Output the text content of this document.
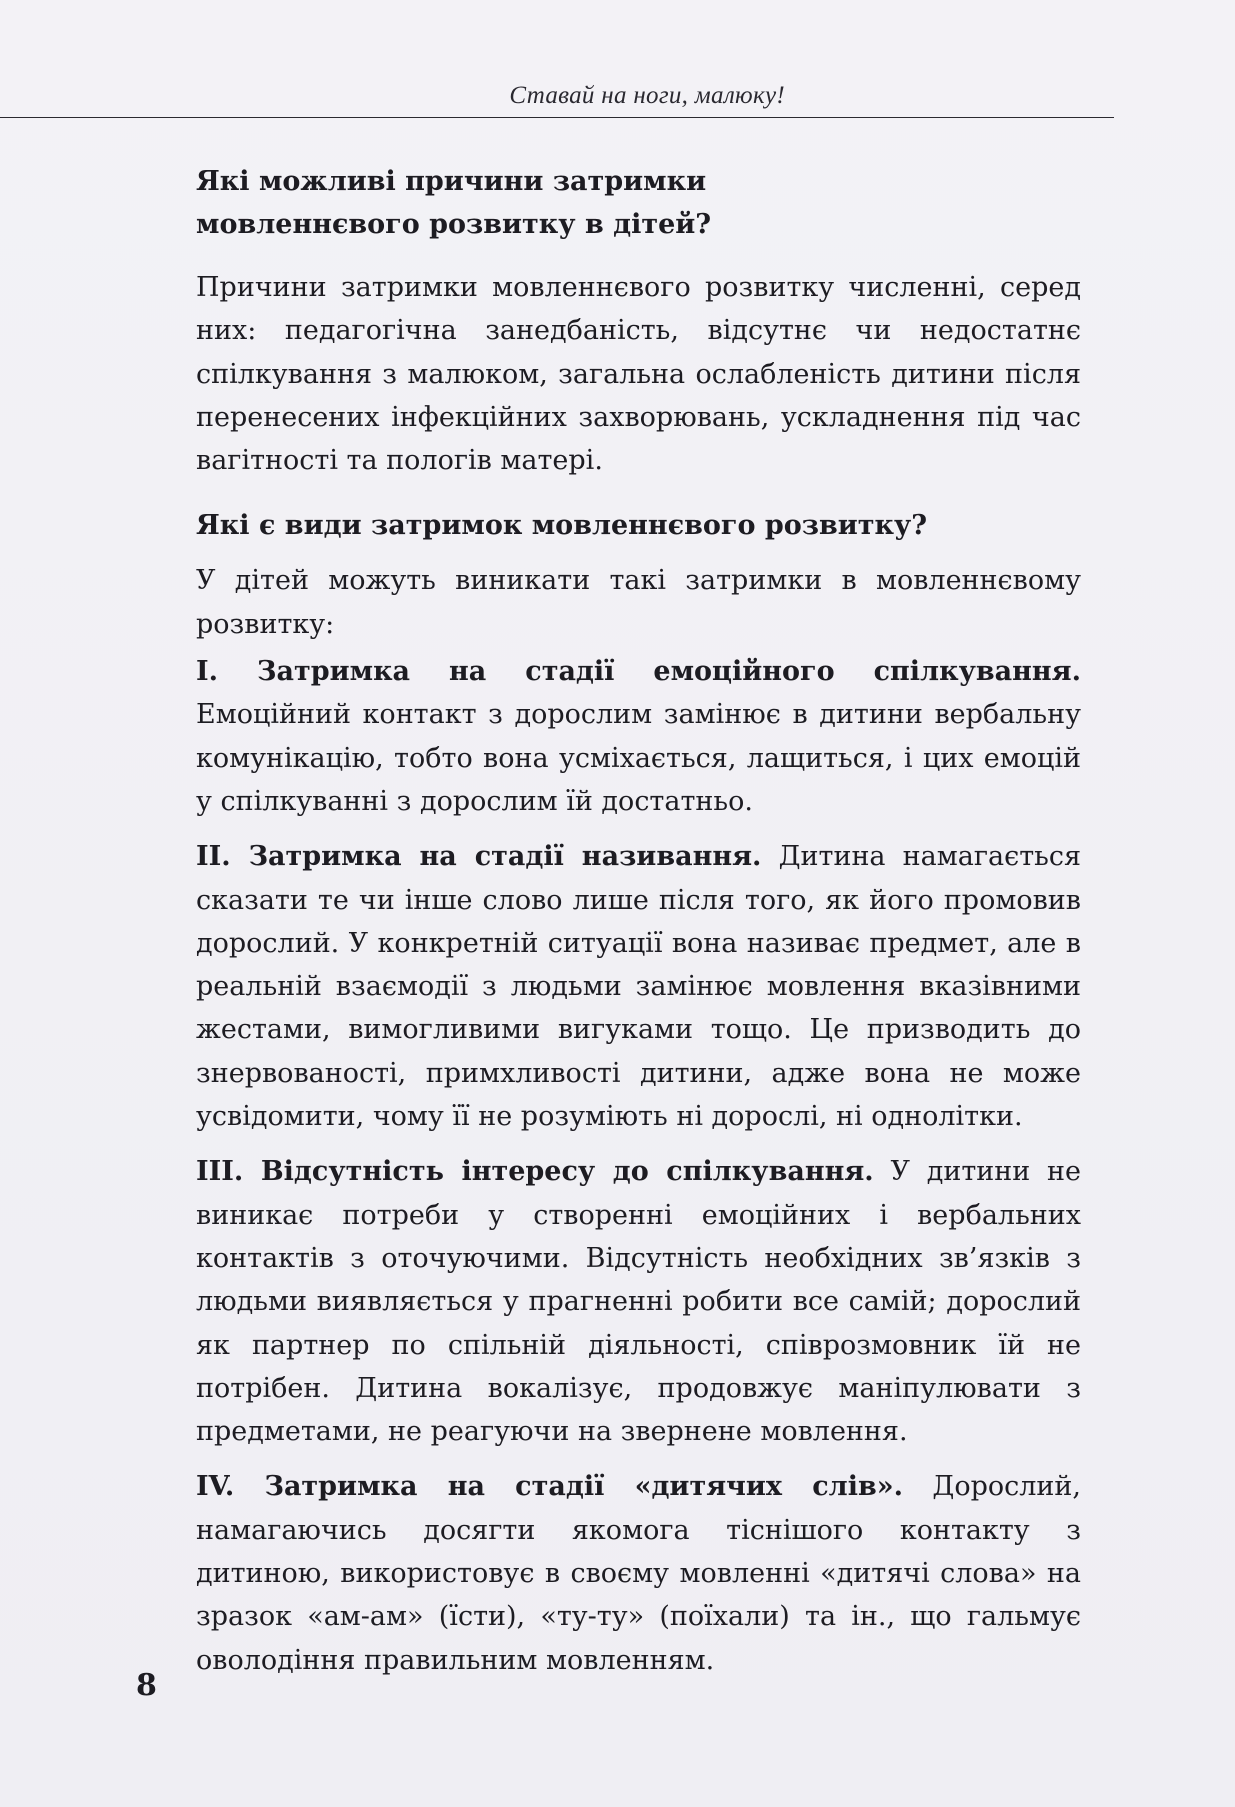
Ставай на ноги, малюку!

Які можливі причини затримки мовленнєвого розвитку в дітей?

Причини затримки мовленнєвого розвитку численні, серед них: педагогічна занедбаність, відсутнє чи недостатнє спілкування з малюком, загальна ослабленість дитини після перенесених інфекційних захворювань, ускладнення під час вагітності та пологів матері.

Які є види затримок мовленнєвого розвитку?

У дітей можуть виникати такі затримки в мовленнєвому розвитку:

І. Затримка на стадії емоційного спілкування. Емоційний контакт з дорослим замінює в дитини вербальну комунікацію, тобто вона усміхається, лащиться, і цих емоцій у спілкуванні з дорослим їй достатньо.

ІІ. Затримка на стадії називання. Дитина намагається сказати те чи інше слово лише після того, як його промовив дорослий. У конкретній ситуації вона називає предмет, але в реальній взаємодії з людьми замінює мовлення вказівними жестами, вимогливими вигуками тощо. Це призводить до знервованості, примхливості дитини, адже вона не може усвідомити, чому її не розуміють ні дорослі, ні однолітки.

ІІІ. Відсутність інтересу до спілкування. У дитини не виникає потреби у створенні емоційних і вербальних контактів з оточуючими. Відсутність необхідних зв’язків з людьми виявляється у прагненні робити все самій; дорослий як партнер по спільній діяльності, співрозмовник їй не потрібен. Дитина вокалізує, продовжує маніпулювати з предметами, не реагуючи на звернене мовлення.

IV. Затримка на стадії «дитячих слів». Дорослий, намагаючись досягти якомога тіснішого контакту з дитиною, використовує в своєму мовленні «дитячі слова» на зразок «ам-ам» (їсти), «ту-ту» (поїхали) та ін., що гальмує оволодіння правильним мовленням.

8
